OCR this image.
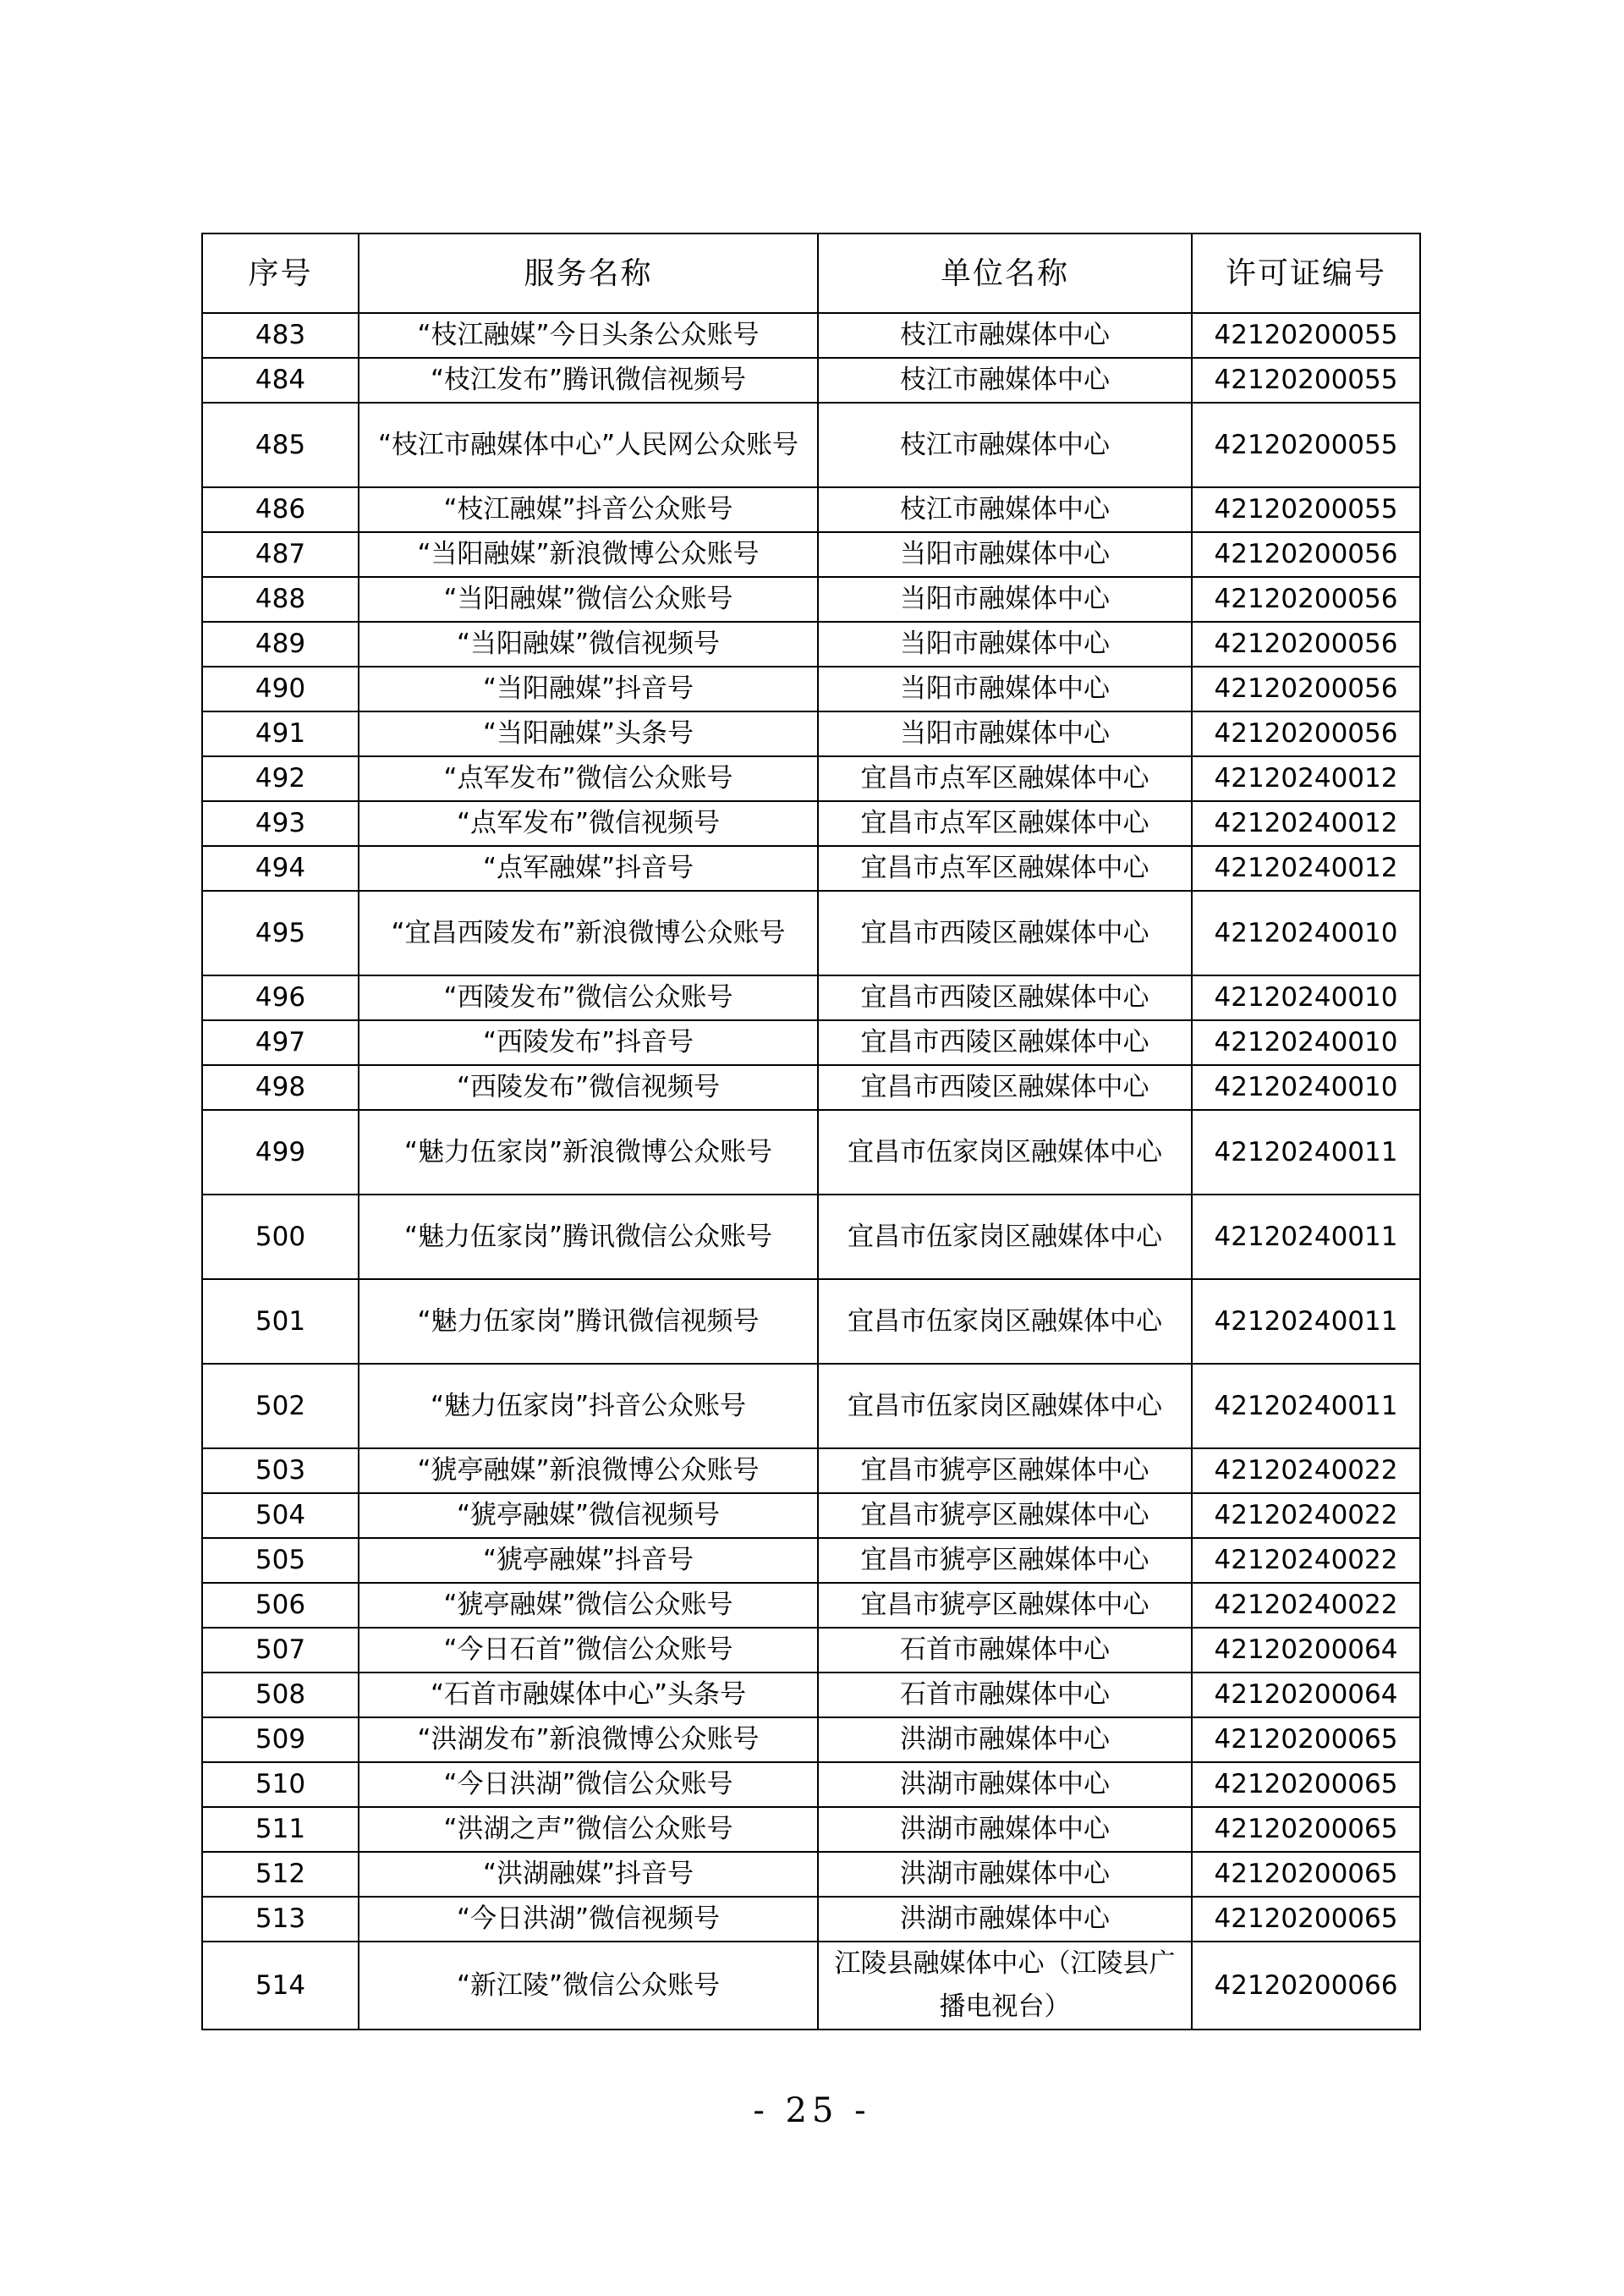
序号	服务名称	单位名称	许可证编号
483	“枝江融媒”今日头条公众账号	枝江市融媒体中心	42120200055
484	“枝江发布”腾讯微信视频号	枝江市融媒体中心	42120200055
485	“枝江市融媒体中心”人民网公众账号	枝江市融媒体中心	42120200055
486	“枝江融媒”抖音公众账号	枝江市融媒体中心	42120200055
487	“当阳融媒”新浪微博公众账号	当阳市融媒体中心	42120200056
488	“当阳融媒”微信公众账号	当阳市融媒体中心	42120200056
489	“当阳融媒”微信视频号	当阳市融媒体中心	42120200056
490	“当阳融媒”抖音号	当阳市融媒体中心	42120200056
491	“当阳融媒”头条号	当阳市融媒体中心	42120200056
492	“点军发布”微信公众账号	宜昌市点军区融媒体中心	42120240012
493	“点军发布”微信视频号	宜昌市点军区融媒体中心	42120240012
494	“点军融媒”抖音号	宜昌市点军区融媒体中心	42120240012
495	“宜昌西陵发布”新浪微博公众账号	宜昌市西陵区融媒体中心	42120240010
496	“西陵发布”微信公众账号	宜昌市西陵区融媒体中心	42120240010
497	“西陵发布”抖音号	宜昌市西陵区融媒体中心	42120240010
498	“西陵发布”微信视频号	宜昌市西陵区融媒体中心	42120240010
499	“魅力伍家岗”新浪微博公众账号	宜昌市伍家岗区融媒体中心	42120240011
500	“魅力伍家岗”腾讯微信公众账号	宜昌市伍家岗区融媒体中心	42120240011
501	“魅力伍家岗”腾讯微信视频号	宜昌市伍家岗区融媒体中心	42120240011
502	“魅力伍家岗”抖音公众账号	宜昌市伍家岗区融媒体中心	42120240011
503	“猇亭融媒”新浪微博公众账号	宜昌市猇亭区融媒体中心	42120240022
504	“猇亭融媒”微信视频号	宜昌市猇亭区融媒体中心	42120240022
505	“猇亭融媒”抖音号	宜昌市猇亭区融媒体中心	42120240022
506	“猇亭融媒”微信公众账号	宜昌市猇亭区融媒体中心	42120240022
507	“今日石首”微信公众账号	石首市融媒体中心	42120200064
508	“石首市融媒体中心”头条号	石首市融媒体中心	42120200064
509	“洪湖发布”新浪微博公众账号	洪湖市融媒体中心	42120200065
510	“今日洪湖”微信公众账号	洪湖市融媒体中心	42120200065
511	“洪湖之声”微信公众账号	洪湖市融媒体中心	42120200065
512	“洪湖融媒”抖音号	洪湖市融媒体中心	42120200065
513	“今日洪湖”微信视频号	洪湖市融媒体中心	42120200065
514	“新江陵”微信公众账号	江陵县融媒体中心（江陵县广播电视台）	42120200066
- 25 -
